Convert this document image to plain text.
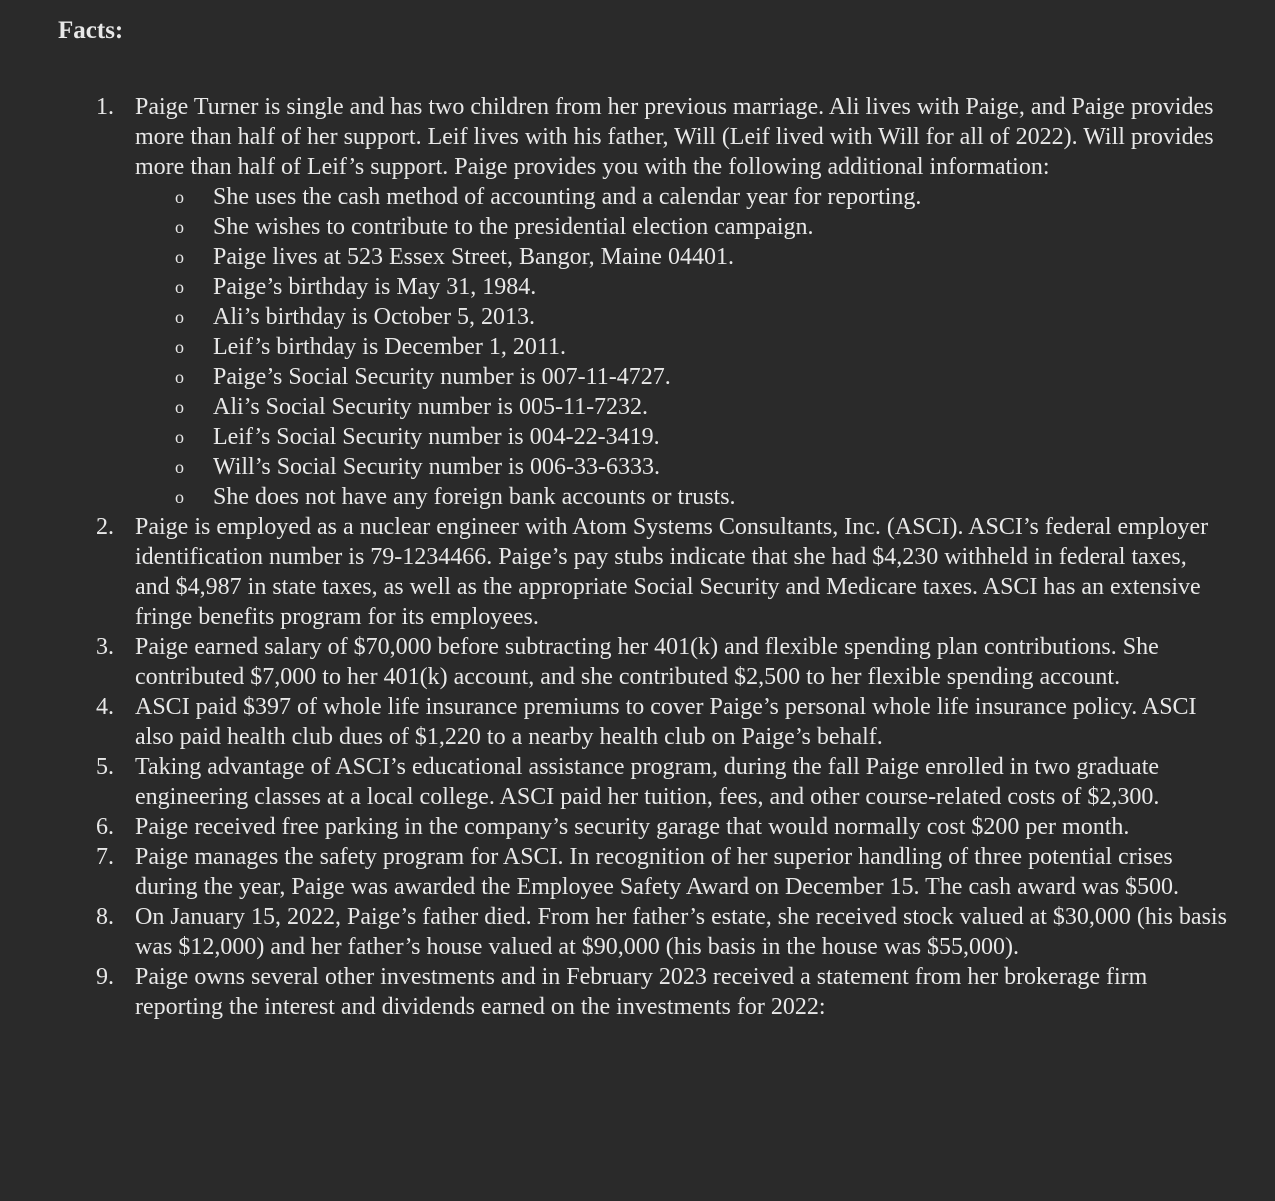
Facts:
1. Paige Turner is single and has two children from her previous marriage. Ali lives with Paige, and Paige provides more than half of her support. Leif lives with his father, Will (Leif lived with Will for all of 2022). Will provides more than half of Leif’s support. Paige provides you with the following additional information:
o She uses the cash method of accounting and a calendar year for reporting.
o She wishes to contribute to the presidential election campaign.
o Paige lives at 523 Essex Street, Bangor, Maine 04401.
o Paige’s birthday is May 31, 1984.
o Ali’s birthday is October 5, 2013.
o Leif’s birthday is December 1, 2011.
o Paige’s Social Security number is 007-11-4727.
o Ali’s Social Security number is 005-11-7232.
o Leif’s Social Security number is 004-22-3419.
o Will’s Social Security number is 006-33-6333.
o She does not have any foreign bank accounts or trusts.
2. Paige is employed as a nuclear engineer with Atom Systems Consultants, Inc. (ASCI). ASCI’s federal employer identification number is 79-1234466. Paige’s pay stubs indicate that she had $4,230 withheld in federal taxes, and $4,987 in state taxes, as well as the appropriate Social Security and Medicare taxes. ASCI has an extensive fringe benefits program for its employees.
3. Paige earned salary of $70,000 before subtracting her 401(k) and flexible spending plan contributions. She contributed $7,000 to her 401(k) account, and she contributed $2,500 to her flexible spending account.
4. ASCI paid $397 of whole life insurance premiums to cover Paige’s personal whole life insurance policy. ASCI also paid health club dues of $1,220 to a nearby health club on Paige’s behalf.
5. Taking advantage of ASCI’s educational assistance program, during the fall Paige enrolled in two graduate engineering classes at a local college. ASCI paid her tuition, fees, and other course-related costs of $2,300.
6. Paige received free parking in the company’s security garage that would normally cost $200 per month.
7. Paige manages the safety program for ASCI. In recognition of her superior handling of three potential crises during the year, Paige was awarded the Employee Safety Award on December 15. The cash award was $500.
8. On January 15, 2022, Paige’s father died. From her father’s estate, she received stock valued at $30,000 (his basis was $12,000) and her father’s house valued at $90,000 (his basis in the house was $55,000).
9. Paige owns several other investments and in February 2023 received a statement from her brokerage firm reporting the interest and dividends earned on the investments for 2022:
